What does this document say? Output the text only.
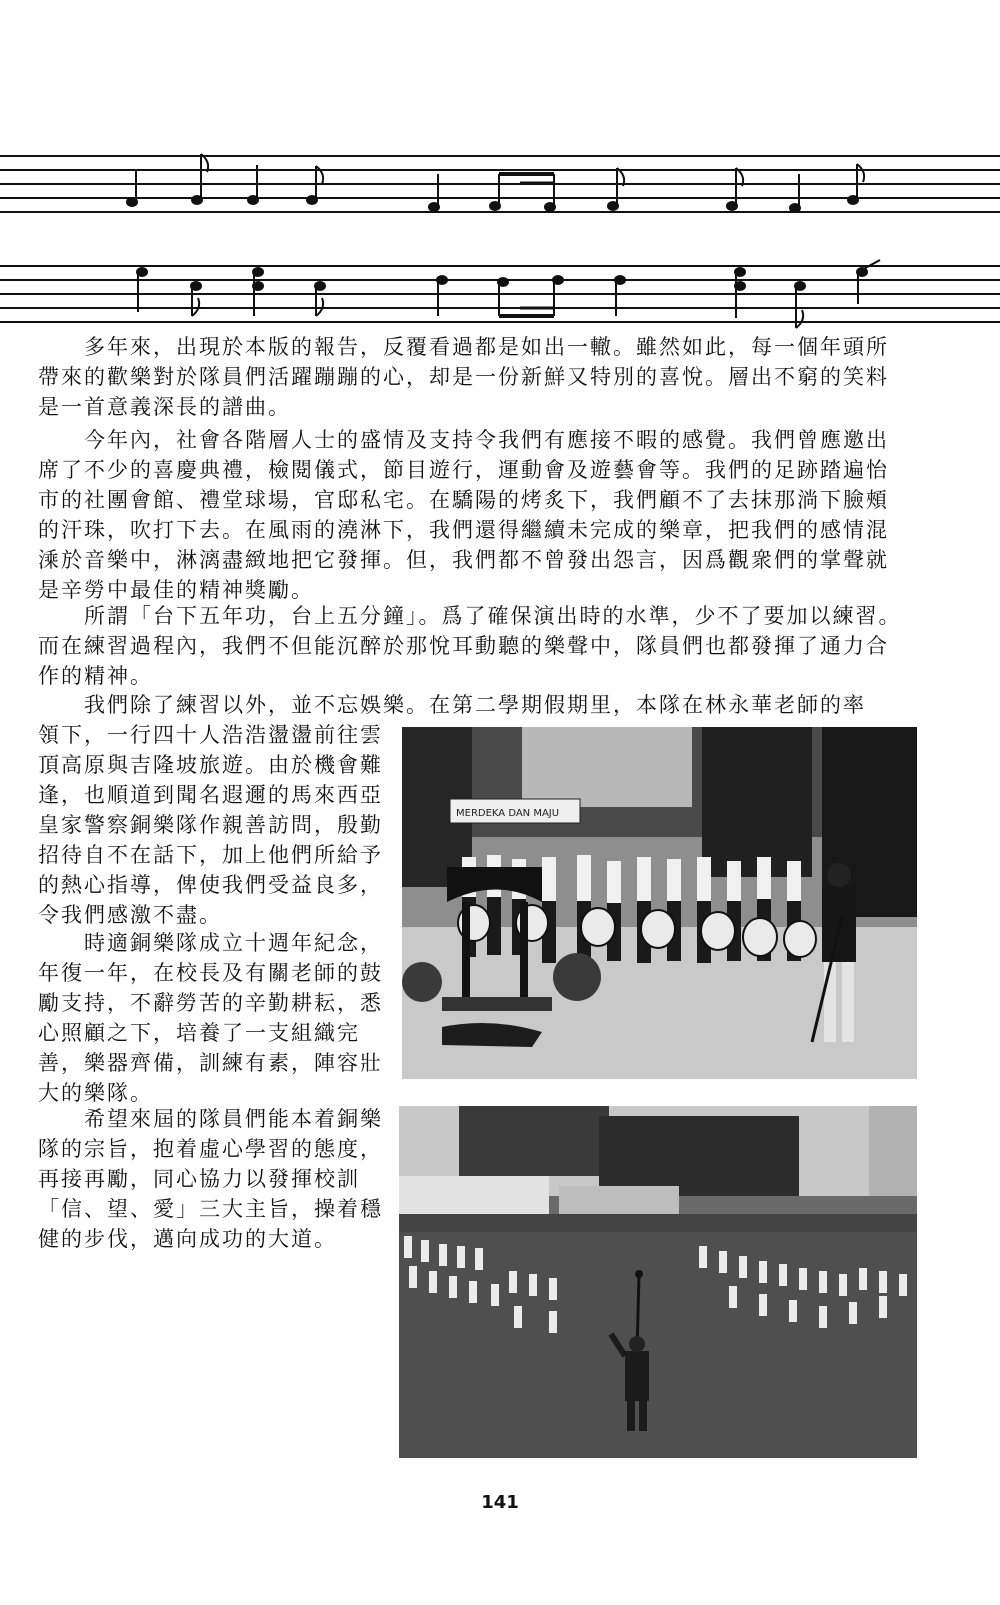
多年來，出現於本版的報告，反覆看過都是如出一轍。雖然如此，每一個年頭所帶來的歡樂對於隊員們活躍蹦蹦的心，却是一份新鮮又特別的喜悅。層出不窮的笑料是一首意義深長的譜曲。

今年內，社會各階層人士的盛情及支持令我們有應接不暇的感覺。我們曾應邀出席了不少的喜慶典禮，檢閱儀式，節目遊行，運動會及遊藝會等。我們的足跡踏遍怡市的社團會館、禮堂球場，官邸私宅。在驕陽的烤炙下，我們顧不了去抹那淌下臉頰的汗珠，吹打下去。在風雨的澆淋下，我們還得繼續未完成的樂章，把我們的感情混溗於音樂中，淋漓盡緻地把它發揮。但，我們都不曾發出怨言，因爲觀衆們的掌聲就是辛勞中最佳的精神獎勵。

所謂「台下五年功，台上五分鐘」。爲了確保演出時的水準，少不了要加以練習。而在練習過程內，我們不但能沉醉於那悅耳動聽的樂聲中，隊員們也都發揮了通力合作的精神。

我們除了練習以外，並不忘娛樂。在第二學期假期里，本隊在林永華老師的率

領下，一行四十人浩浩盪盪前往雲頂高原與吉隆坡旅遊。由於機會難逢，也順道到聞名遐邇的馬來西亞皇家警察銅樂隊作親善訪問，殷勤招待自不在話下，加上他們所給予的熱心指導，俾使我們受益良多，令我們感激不盡。

時適銅樂隊成立十週年紀念，年復一年，在校長及有關老師的鼓勵支持，不辭勞苦的辛勤耕耘，悉心照顧之下，培養了一支組織完善，樂器齊備，訓練有素，陣容壯大的樂隊。

希望來屆的隊員們能本着銅樂隊的宗旨，抱着虛心學習的態度，再接再勵，同心協力以發揮校訓「信、望、愛」三大主旨，操着穩健的步伐，邁向成功的大道。

MERDEKA DAN MAJU
141
